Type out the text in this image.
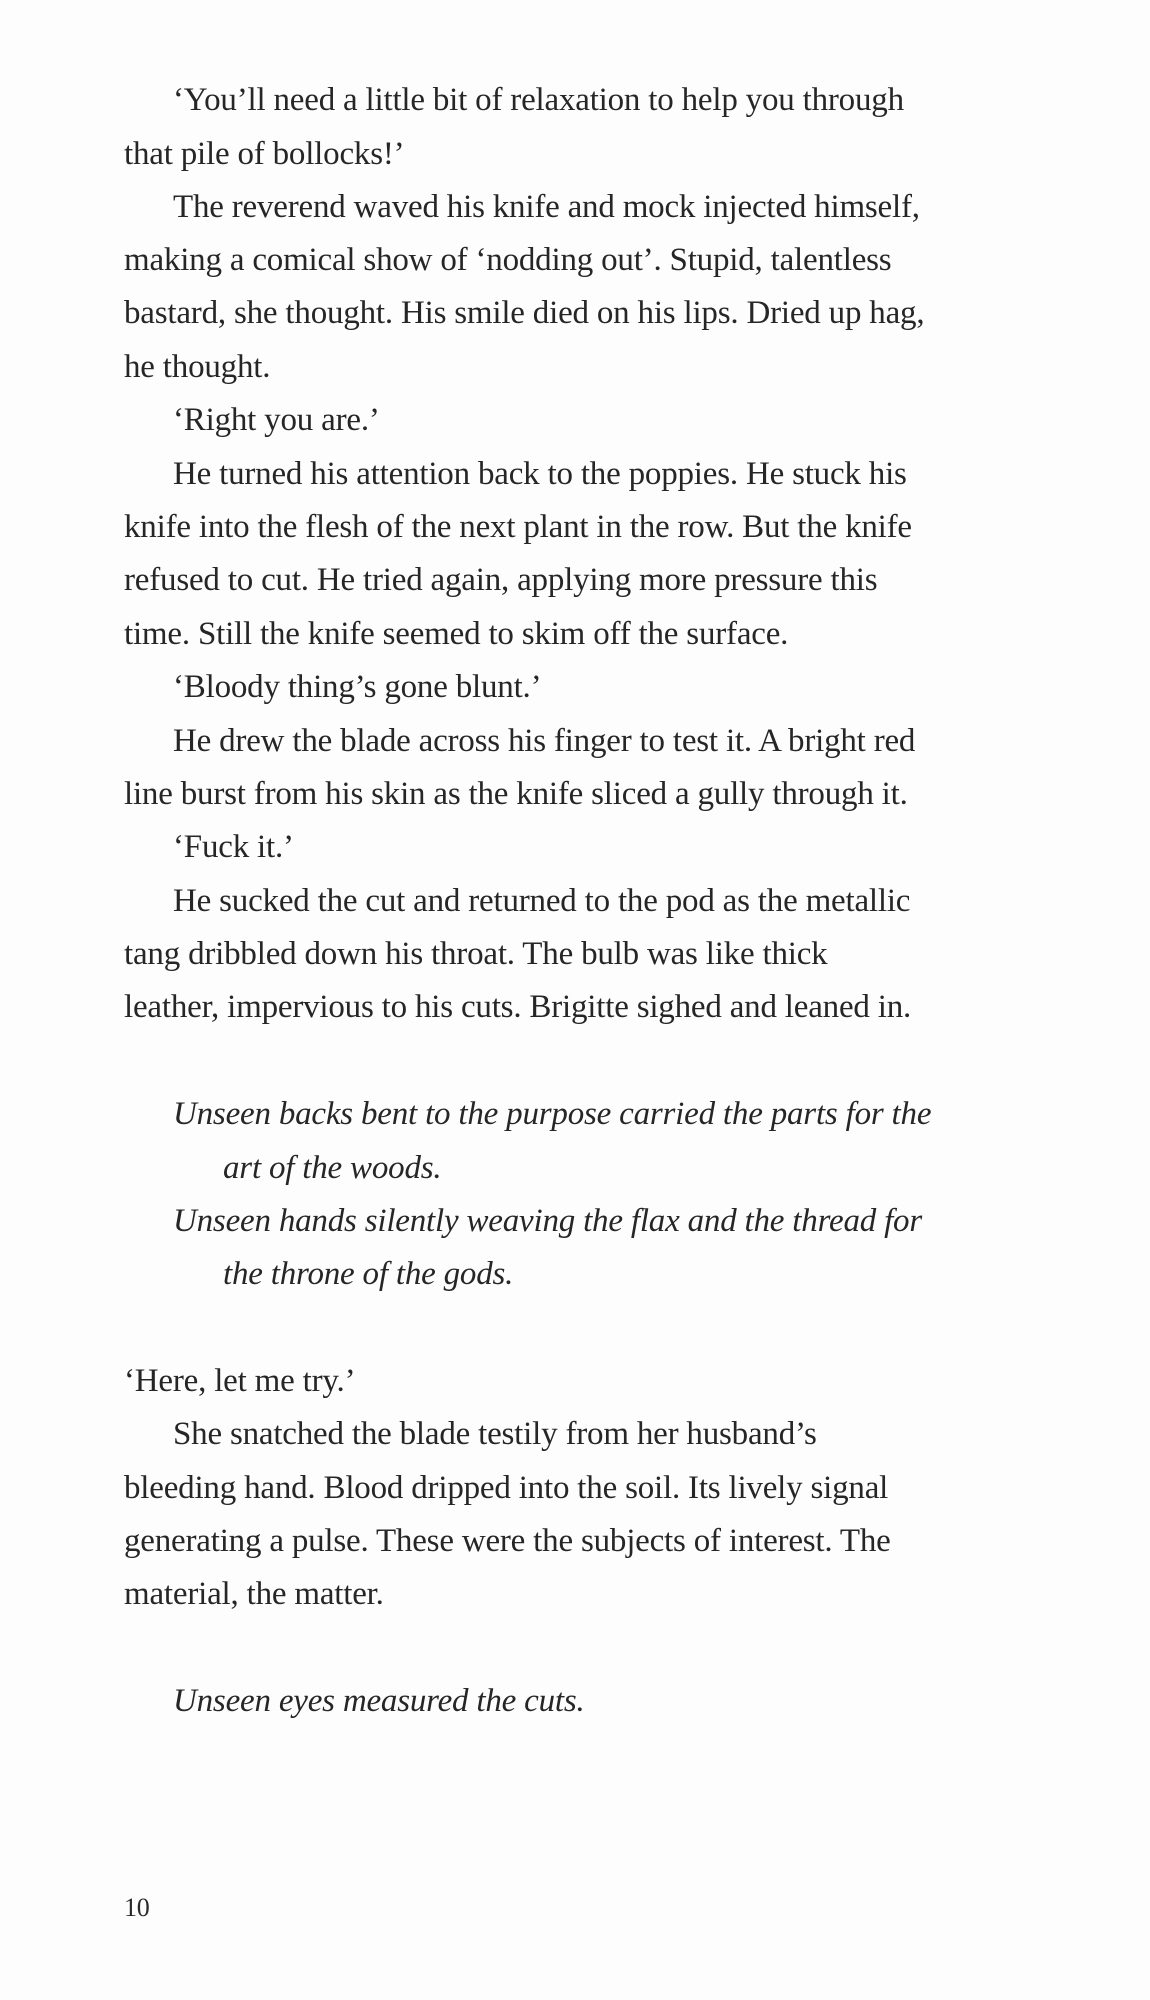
‘You’ll need a little bit of relaxation to help you through
that pile of bollocks!’
The reverend waved his knife and mock injected himself,
making a comical show of ‘nodding out’. Stupid, talentless
bastard, she thought. His smile died on his lips. Dried up hag,
he thought.
‘Right you are.’
He turned his attention back to the poppies. He stuck his
knife into the flesh of the next plant in the row. But the knife
refused to cut. He tried again, applying more pressure this
time. Still the knife seemed to skim off the surface.
‘Bloody thing’s gone blunt.’
He drew the blade across his finger to test it. A bright red
line burst from his skin as the knife sliced a gully through it.
‘Fuck it.’
He sucked the cut and returned to the pod as the metallic
tang dribbled down his throat. The bulb was like thick
leather, impervious to his cuts. Brigitte sighed and leaned in.
Unseen backs bent to the purpose carried the parts for the
art of the woods.
Unseen hands silently weaving the flax and the thread for
the throne of the gods.
‘Here, let me try.’
She snatched the blade testily from her husband’s
bleeding hand. Blood dripped into the soil. Its lively signal
generating a pulse. These were the subjects of interest. The
material, the matter.
Unseen eyes measured the cuts.
10
